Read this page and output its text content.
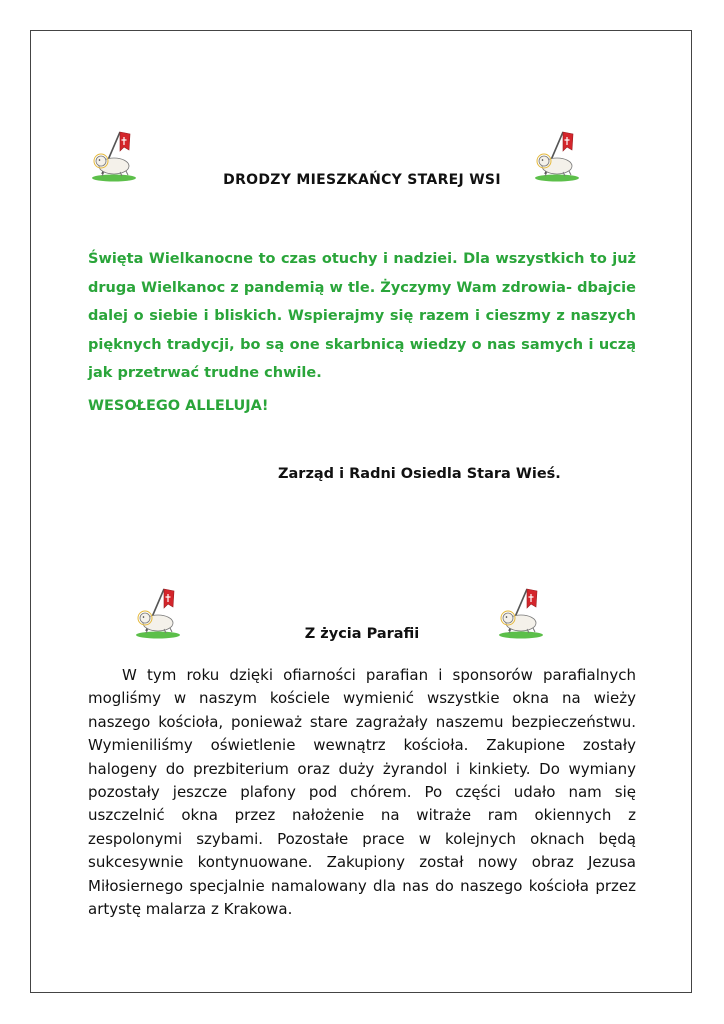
DRODZY MIESZKAŃCY STAREJ WSI

Święta Wielkanocne to czas otuchy i nadziei. Dla wszystkich to już druga Wielkanoc z pandemią w tle. Życzymy Wam zdrowia- dbajcie dalej o siebie i bliskich. Wspierajmy się razem i cieszmy z naszych pięknych tradycji, bo są one skarbnicą wiedzy o nas samych i uczą jak przetrwać trudne chwile.

WESOŁEGO ALLELUJA!
Zarząd i Radni Osiedla Stara Wieś.
Z życia Parafii

W tym roku dzięki ofiarności parafian i sponsorów parafialnych mogliśmy w naszym kościele wymienić wszystkie okna na wieży naszego kościoła, ponieważ stare zagrażały naszemu bezpieczeństwu. Wymieniliśmy oświetlenie wewnątrz kościoła. Zakupione zostały halogeny do prezbiterium oraz duży żyrandol i kinkiety. Do wymiany pozostały jeszcze plafony pod chórem. Po części udało nam się uszczelnić okna przez nałożenie na witraże ram okiennych z zespolonymi szybami. Pozostałe prace w kolejnych oknach będą sukcesywnie kontynuowane. Zakupiony został nowy obraz Jezusa Miłosiernego specjalnie namalowany dla nas do naszego kościoła przez artystę malarza z Krakowa.
